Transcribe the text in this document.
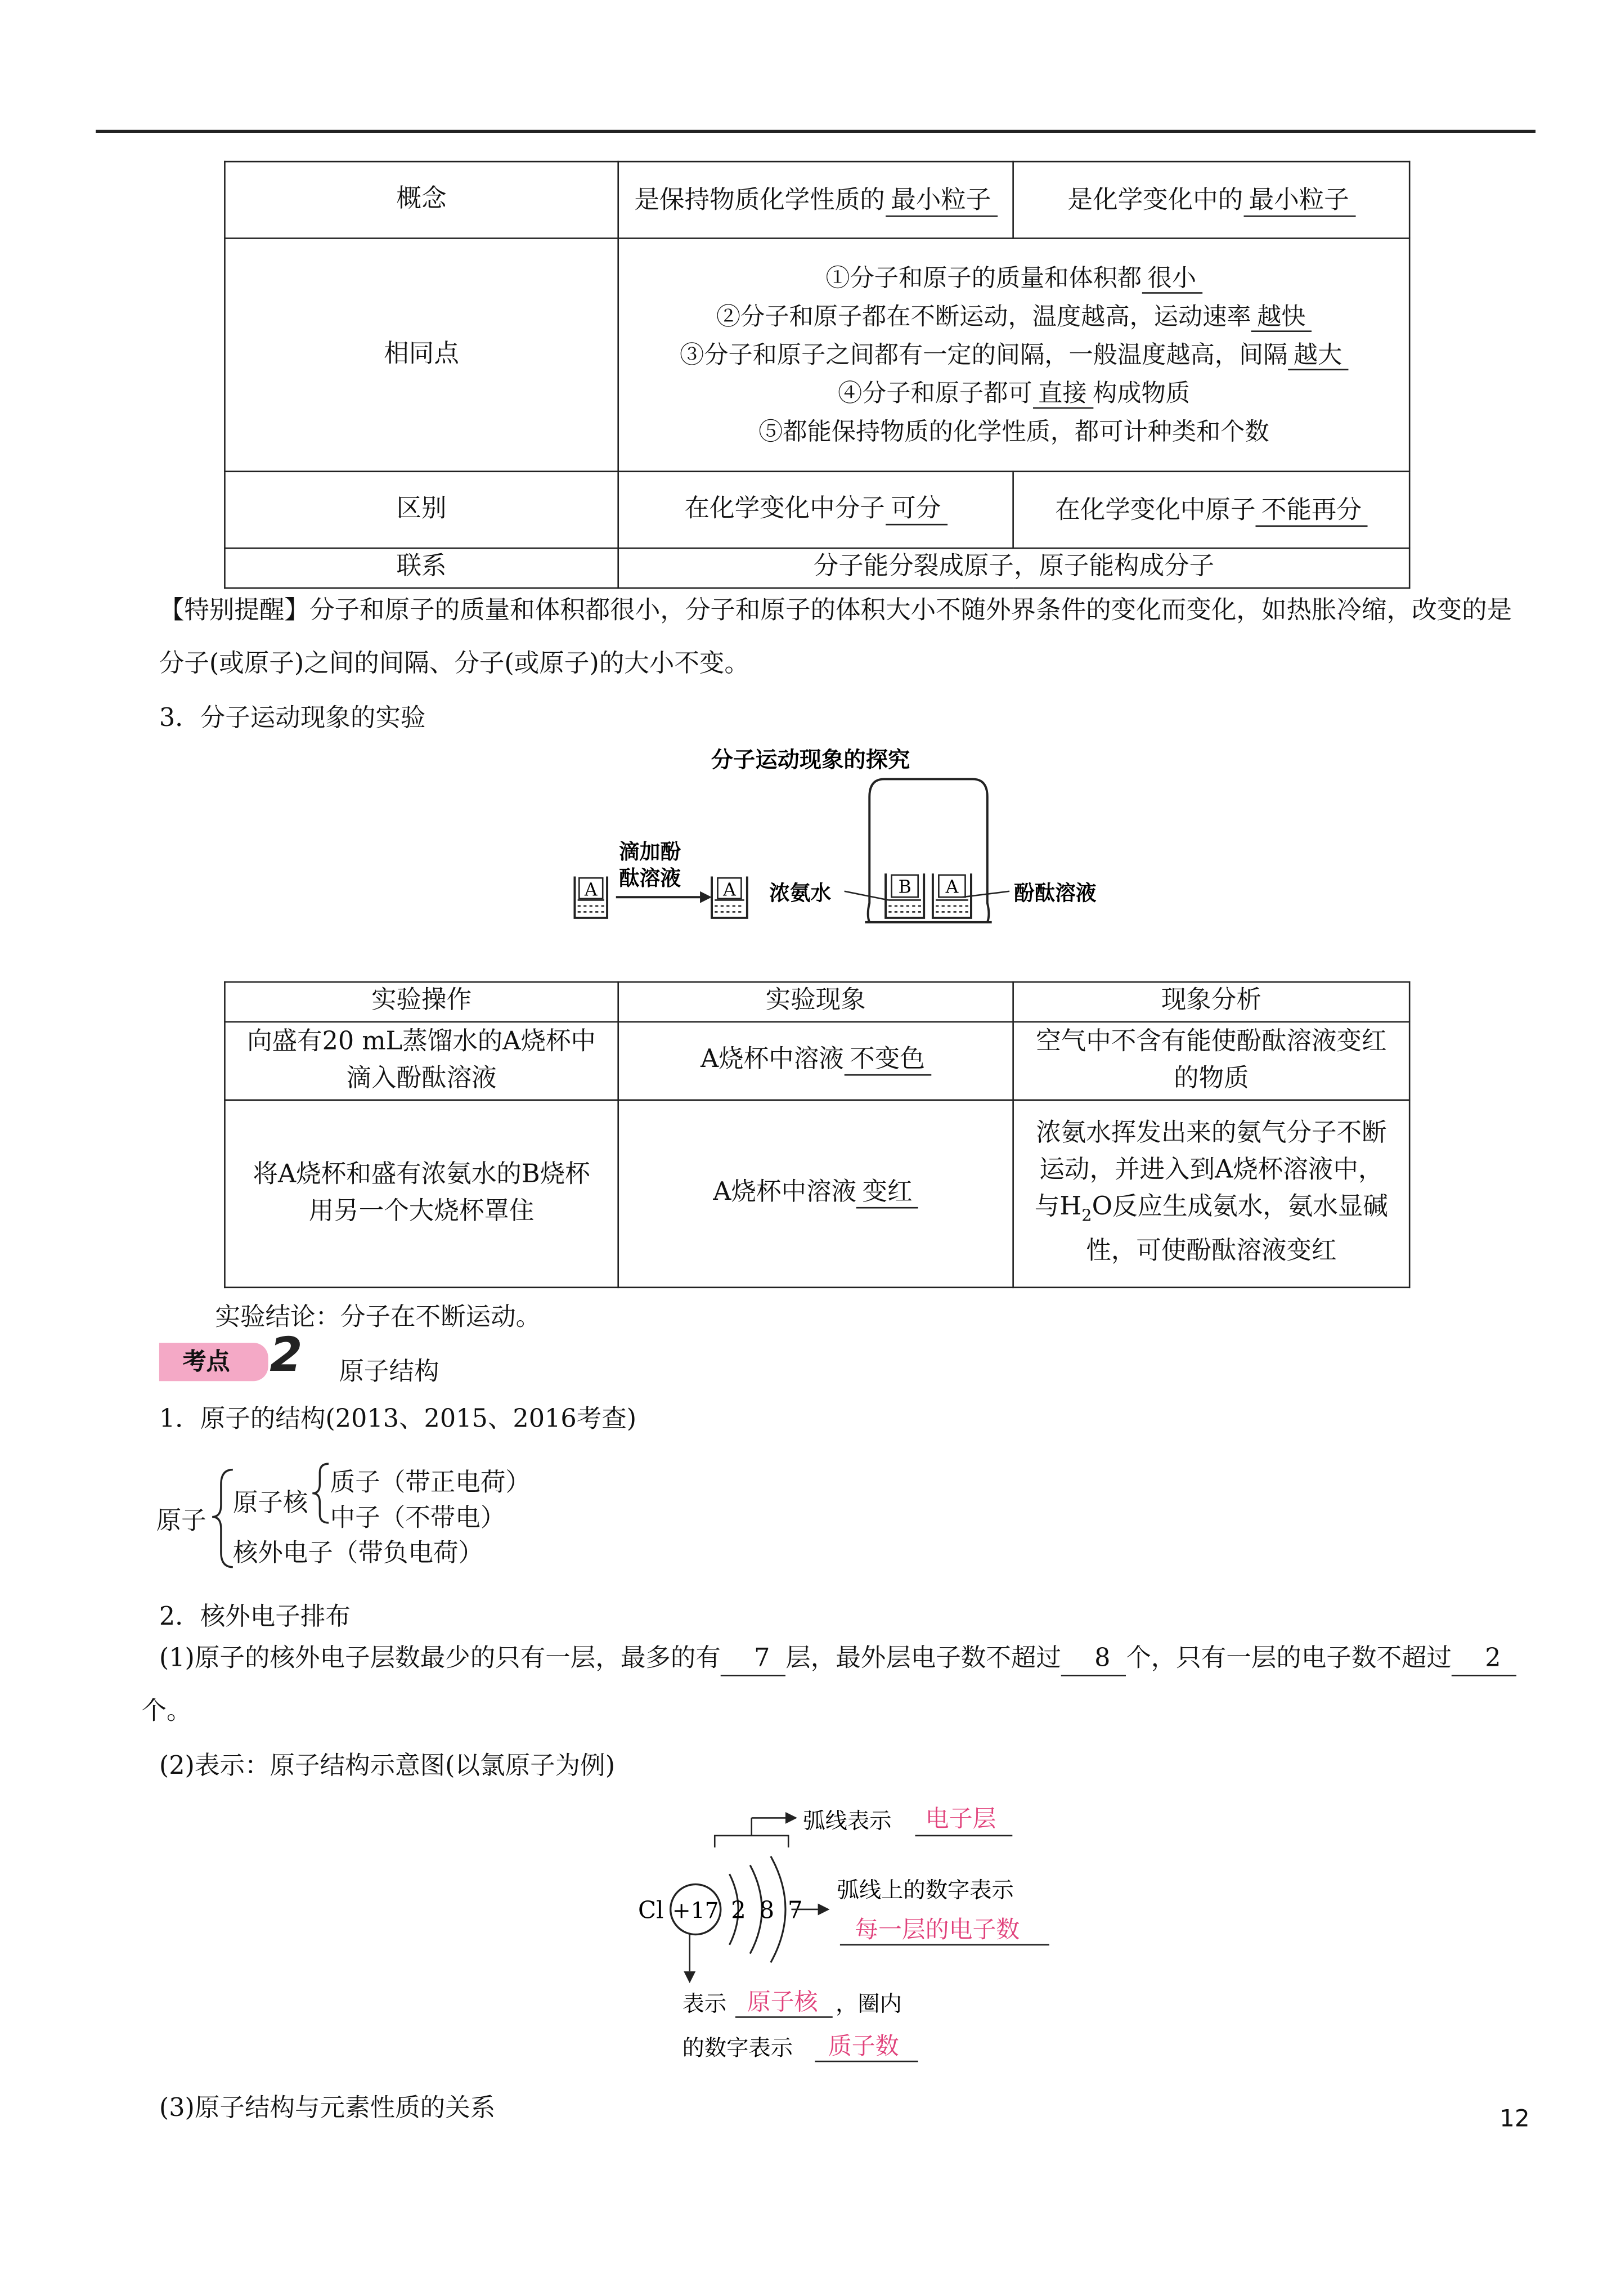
概念	是保持物质化学性质的 最小粒子	是化学变化中的 最小粒子
相同点	①分子和原子的质量和体积都 很小
②分子和原子都在不断运动，温度越高，运动速率 越快
③分子和原子之间都有一定的间隔，一般温度越高，间隔 越大
④分子和原子都可 直接 构成物质
⑤都能保持物质的化学性质，都可计种类和个数	

区别	在化学变化中分子 可分	在化学变化中原子 不能再分
联系	分子能分裂成原子，原子能构成分子	
【特别提醒】分子和原子的质量和体积都很小，分子和原子的体积大小不随外界条件的变化而变化，如热胀冷缩，改变的是分子(或原子)之间的间隔、分子(或原子)的大小不变。
3．分子运动现象的实验
分子运动现象的探究
A
滴加酚
酞溶液	A	浓氨水	B	A	酚酞溶液
实验操作	实验现象	现象分析
向盛有20 mL蒸馏水的A烧杯中滴入酚酞溶液	A烧杯中溶液 不变色	空气中不含有能使酚酞溶液变红的物质
将A烧杯和盛有浓氨水的B烧杯用另一个大烧杯罩住	A烧杯中溶液 变红	浓氨水挥发出来的氨气分子不断运动，并进入到A烧杯溶液中，与$H_2O$反应生成氨水，氨水显碱性，可使酚酞溶液变红
实验结论：分子在不断运动。
考点 2	原子结构
1．原子的结构(2013、2015、2016考查)
原子
原子核
质子（带正电荷）
中子（不带电）
核外电子（带负电荷）
2．核外电子排布
(1)原子的核外电子层数最少的只有一层，最多的有	7 层，最外层电子数不超过	8 个，只有一层的电子数不超过	2个。
(2)表示：原子结构示意图(以氯原子为例)
Cl +17 2 8 7
弧线表示	电子层
弧线上的数字表示
每一层的电子数
表示 原子核 ，圈内
的数字表示	质子数
(3)原子结构与元素性质的关系	12
